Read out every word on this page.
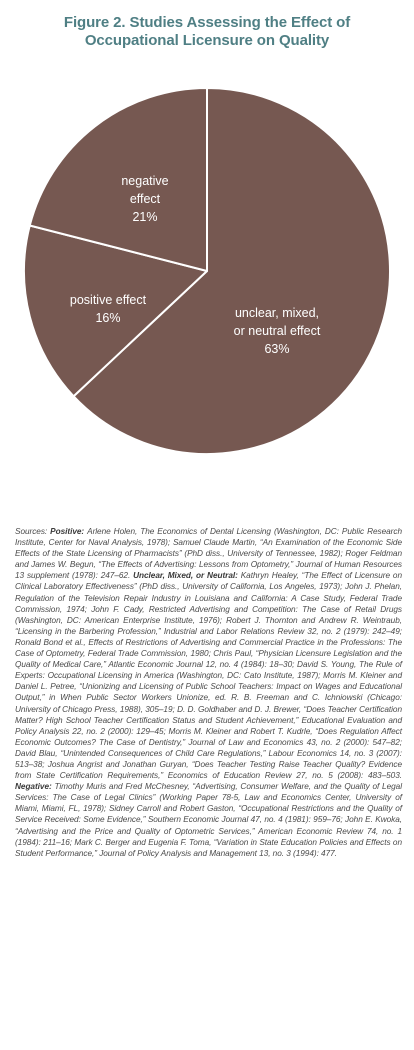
Figure 2. Studies Assessing the Effect of
Occupational Licensure on Quality
unclear, mixed, or neutral effect 63%
positive effect 16%
negative effect 21%
Sources: Positive: Arlene Holen, The Economics of Dental Licensing (Washington, DC: Public Research Institute, Center for Naval Analysis, 1978); Samuel Claude Martin, “An Examination of the Economic Side Effects of the State Licensing of Pharmacists” (PhD diss., University of Tennessee, 1982); Roger Feldman and James W. Begun, “The Effects of Advertising: Lessons from Optometry,” Journal of Human Resources 13 supplement (1978): 247–62. Unclear, Mixed, or Neutral: Kathryn Healey, “The Effect of Licensure on Clinical Laboratory Effectiveness” (PhD diss., University of California, Los Angeles, 1973); John J. Phelan, Regulation of the Television Repair Industry in Louisiana and California: A Case Study, Federal Trade Commission, 1974; John F. Cady, Restricted Advertising and Competition: The Case of Retail Drugs (Washington, DC: American Enterprise Institute, 1976); Robert J. Thornton and Andrew R. Weintraub, “Licensing in the Barbering Profession,” Industrial and Labor Relations Review 32, no. 2 (1979): 242–49; Ronald Bond et al., Effects of Restrictions of Advertising and Commercial Practice in the Professions: The Case of Optometry, Federal Trade Commission, 1980; Chris Paul, “Physician Licensure Legislation and the Quality of Medical Care,” Atlantic Economic Journal 12, no. 4 (1984): 18–30; David S. Young, The Rule of Experts: Occupational Licensing in America (Washington, DC: Cato Institute, 1987); Morris M. Kleiner and Daniel L. Petree, “Unionizing and Licensing of Public School Teachers: Impact on Wages and Educational Output,” in When Public Sector Workers Unionize, ed. R. B. Freeman and C. Ichniowski (Chicago: University of Chicago Press, 1988), 305–19; D. D. Goldhaber and D. J. Brewer, “Does Teacher Certification Matter? High School Teacher Certification Status and Student Achievement,” Educational Evaluation and Policy Analysis 22, no. 2 (2000): 129–45; Morris M. Kleiner and Robert T. Kudrle, “Does Regulation Affect Economic Outcomes? The Case of Dentistry,” Journal of Law and Economics 43, no. 2 (2000): 547–82; David Blau, “Unintended Consequences of Child Care Regulations,” Labour Economics 14, no. 3 (2007): 513–38; Joshua Angrist and Jonathan Guryan, “Does Teacher Testing Raise Teacher Quality? Evidence from State Certification Requirements,” Economics of Education Review 27, no. 5 (2008): 483–503. Negative: Timothy Muris and Fred McChesney, “Advertising, Consumer Welfare, and the Quality of Legal Services: The Case of Legal Clinics” (Working Paper 78-5, Law and Economics Center, University of Miami, Miami, FL, 1978); Sidney Carroll and Robert Gaston, “Occupational Restrictions and the Quality of Service Received: Some Evidence,” Southern Economic Journal 47, no. 4 (1981): 959–76; John E. Kwoka, “Advertising and the Price and Quality of Optometric Services,” American Economic Review 74, no. 1 (1984): 211–16; Mark C. Berger and Eugenia F. Toma, “Variation in State Education Policies and Effects on Student Performance,” Journal of Policy Analysis and Management 13, no. 3 (1994): 477.
